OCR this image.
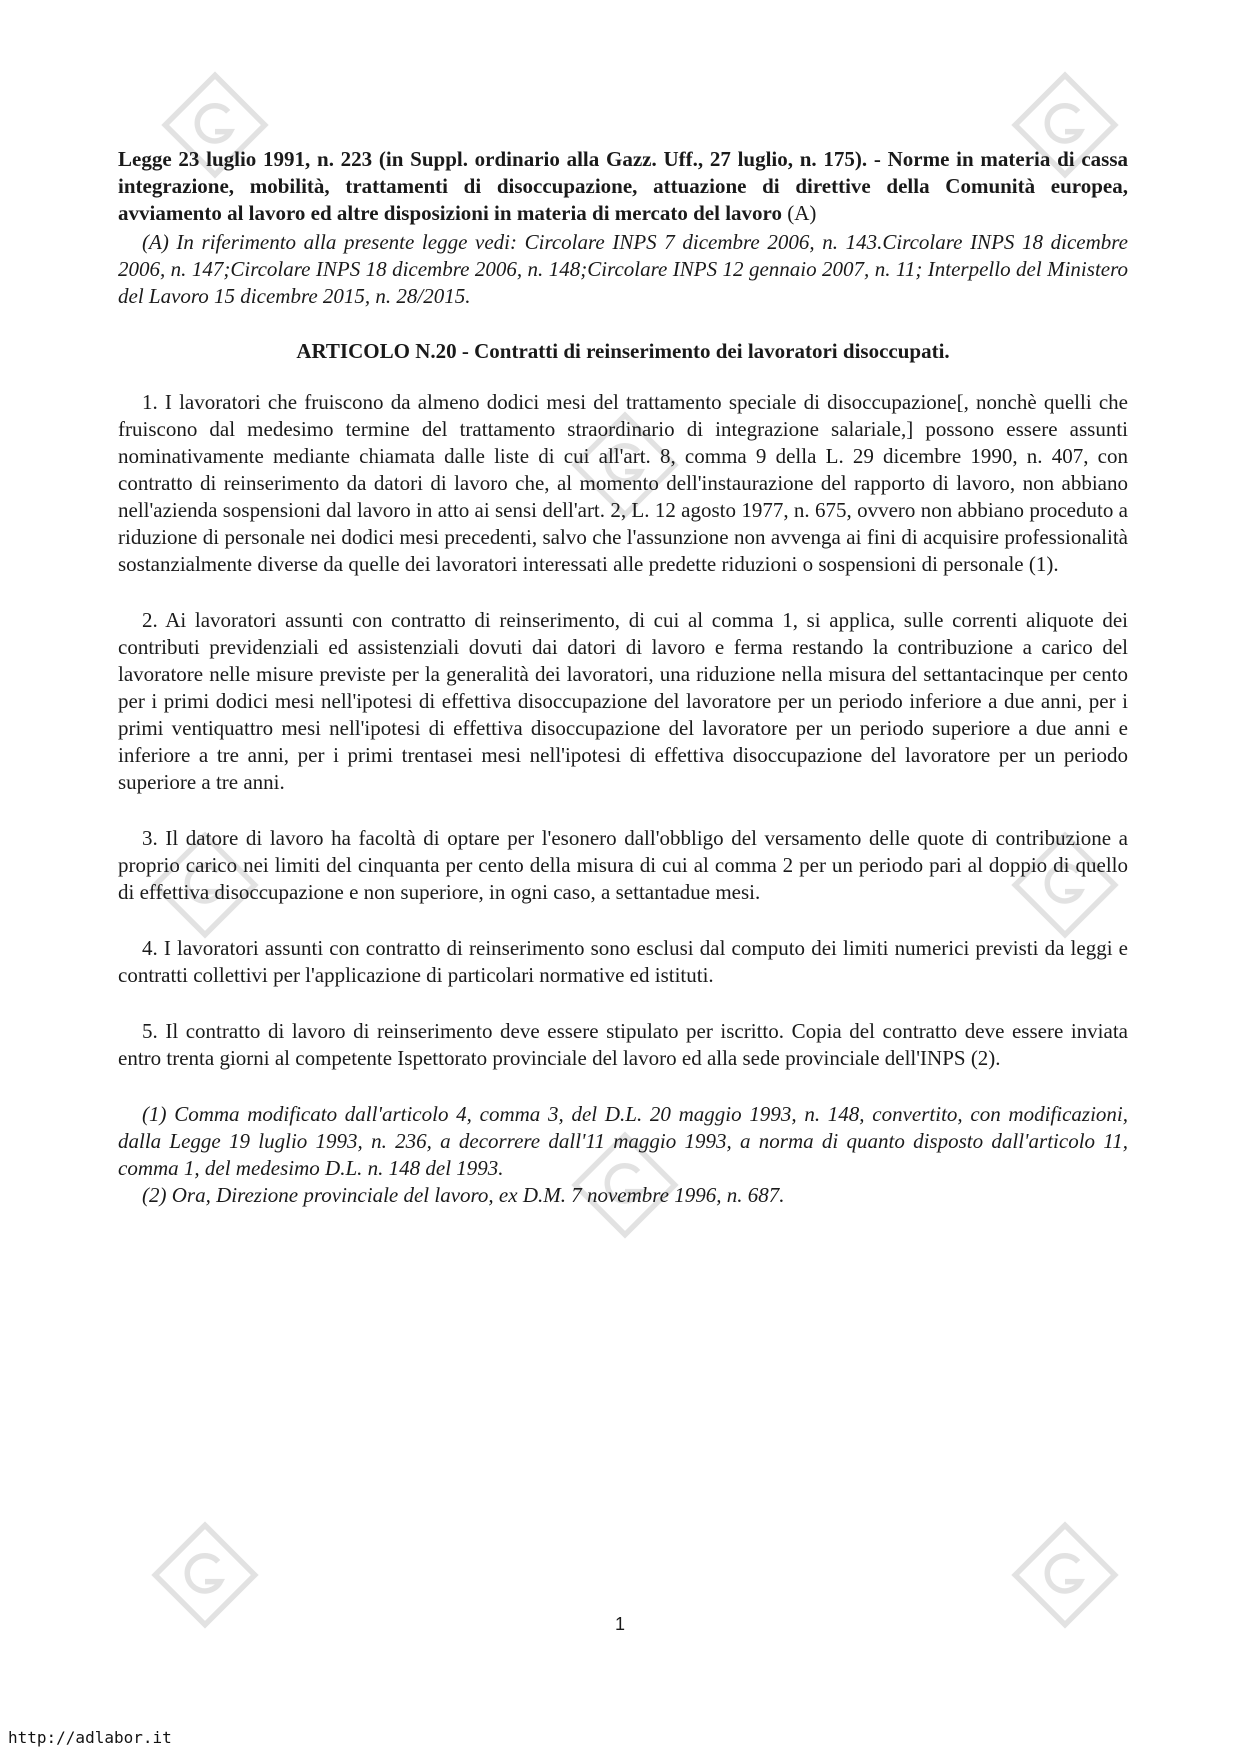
Legge 23 luglio 1991, n. 223 (in Suppl. ordinario alla Gazz. Uff., 27 luglio, n. 175). - Norme in materia di cassa integrazione, mobilità, trattamenti di disoccupazione, attuazione di direttive della Comunità europea, avviamento al lavoro ed altre disposizioni in materia di mercato del lavoro (A)

(A) In riferimento alla presente legge vedi: Circolare INPS 7 dicembre 2006, n. 143.Circolare INPS 18 dicembre 2006, n. 147;Circolare INPS 18 dicembre 2006, n. 148;Circolare INPS 12 gennaio 2007, n. 11; Interpello del Ministero del Lavoro 15 dicembre 2015, n. 28/2015.

ARTICOLO N.20 - Contratti di reinserimento dei lavoratori disoccupati.

1. I lavoratori che fruiscono da almeno dodici mesi del trattamento speciale di disoccupazione[, nonchè quelli che fruiscono dal medesimo termine del trattamento straordinario di integrazione salariale,] possono essere assunti nominativamente mediante chiamata dalle liste di cui all'art. 8, comma 9 della L. 29 dicembre 1990, n. 407, con contratto di reinserimento da datori di lavoro che, al momento dell'instaurazione del rapporto di lavoro, non abbiano nell'azienda sospensioni dal lavoro in atto ai sensi dell'art. 2, L. 12 agosto 1977, n. 675, ovvero non abbiano proceduto a riduzione di personale nei dodici mesi precedenti, salvo che l'assunzione non avvenga ai fini di acquisire professionalità sostanzialmente diverse da quelle dei lavoratori interessati alle predette riduzioni o sospensioni di personale (1).

2. Ai lavoratori assunti con contratto di reinserimento, di cui al comma 1, si applica, sulle correnti aliquote dei contributi previdenziali ed assistenziali dovuti dai datori di lavoro e ferma restando la contribuzione a carico del lavoratore nelle misure previste per la generalità dei lavoratori, una riduzione nella misura del settantacinque per cento per i primi dodici mesi nell'ipotesi di effettiva disoccupazione del lavoratore per un periodo inferiore a due anni, per i primi ventiquattro mesi nell'ipotesi di effettiva disoccupazione del lavoratore per un periodo superiore a due anni e inferiore a tre anni, per i primi trentasei mesi nell'ipotesi di effettiva disoccupazione del lavoratore per un periodo superiore a tre anni.

3. Il datore di lavoro ha facoltà di optare per l'esonero dall'obbligo del versamento delle quote di contribuzione a proprio carico nei limiti del cinquanta per cento della misura di cui al comma 2 per un periodo pari al doppio di quello di effettiva disoccupazione e non superiore, in ogni caso, a settantadue mesi.

4. I lavoratori assunti con contratto di reinserimento sono esclusi dal computo dei limiti numerici previsti da leggi e contratti collettivi per l'applicazione di particolari normative ed istituti.

5. Il contratto di lavoro di reinserimento deve essere stipulato per iscritto. Copia del contratto deve essere inviata entro trenta giorni al competente Ispettorato provinciale del lavoro ed alla sede provinciale dell'INPS (2).

(1) Comma modificato dall'articolo 4, comma 3, del D.L. 20 maggio 1993, n. 148, convertito, con modificazioni, dalla Legge 19 luglio 1993, n. 236, a decorrere dall'11 maggio 1993, a norma di quanto disposto dall'articolo 11, comma 1, del medesimo D.L. n. 148 del 1993.

(2) Ora, Direzione provinciale del lavoro, ex D.M. 7 novembre 1996, n. 687.

1
http://adlabor.it
